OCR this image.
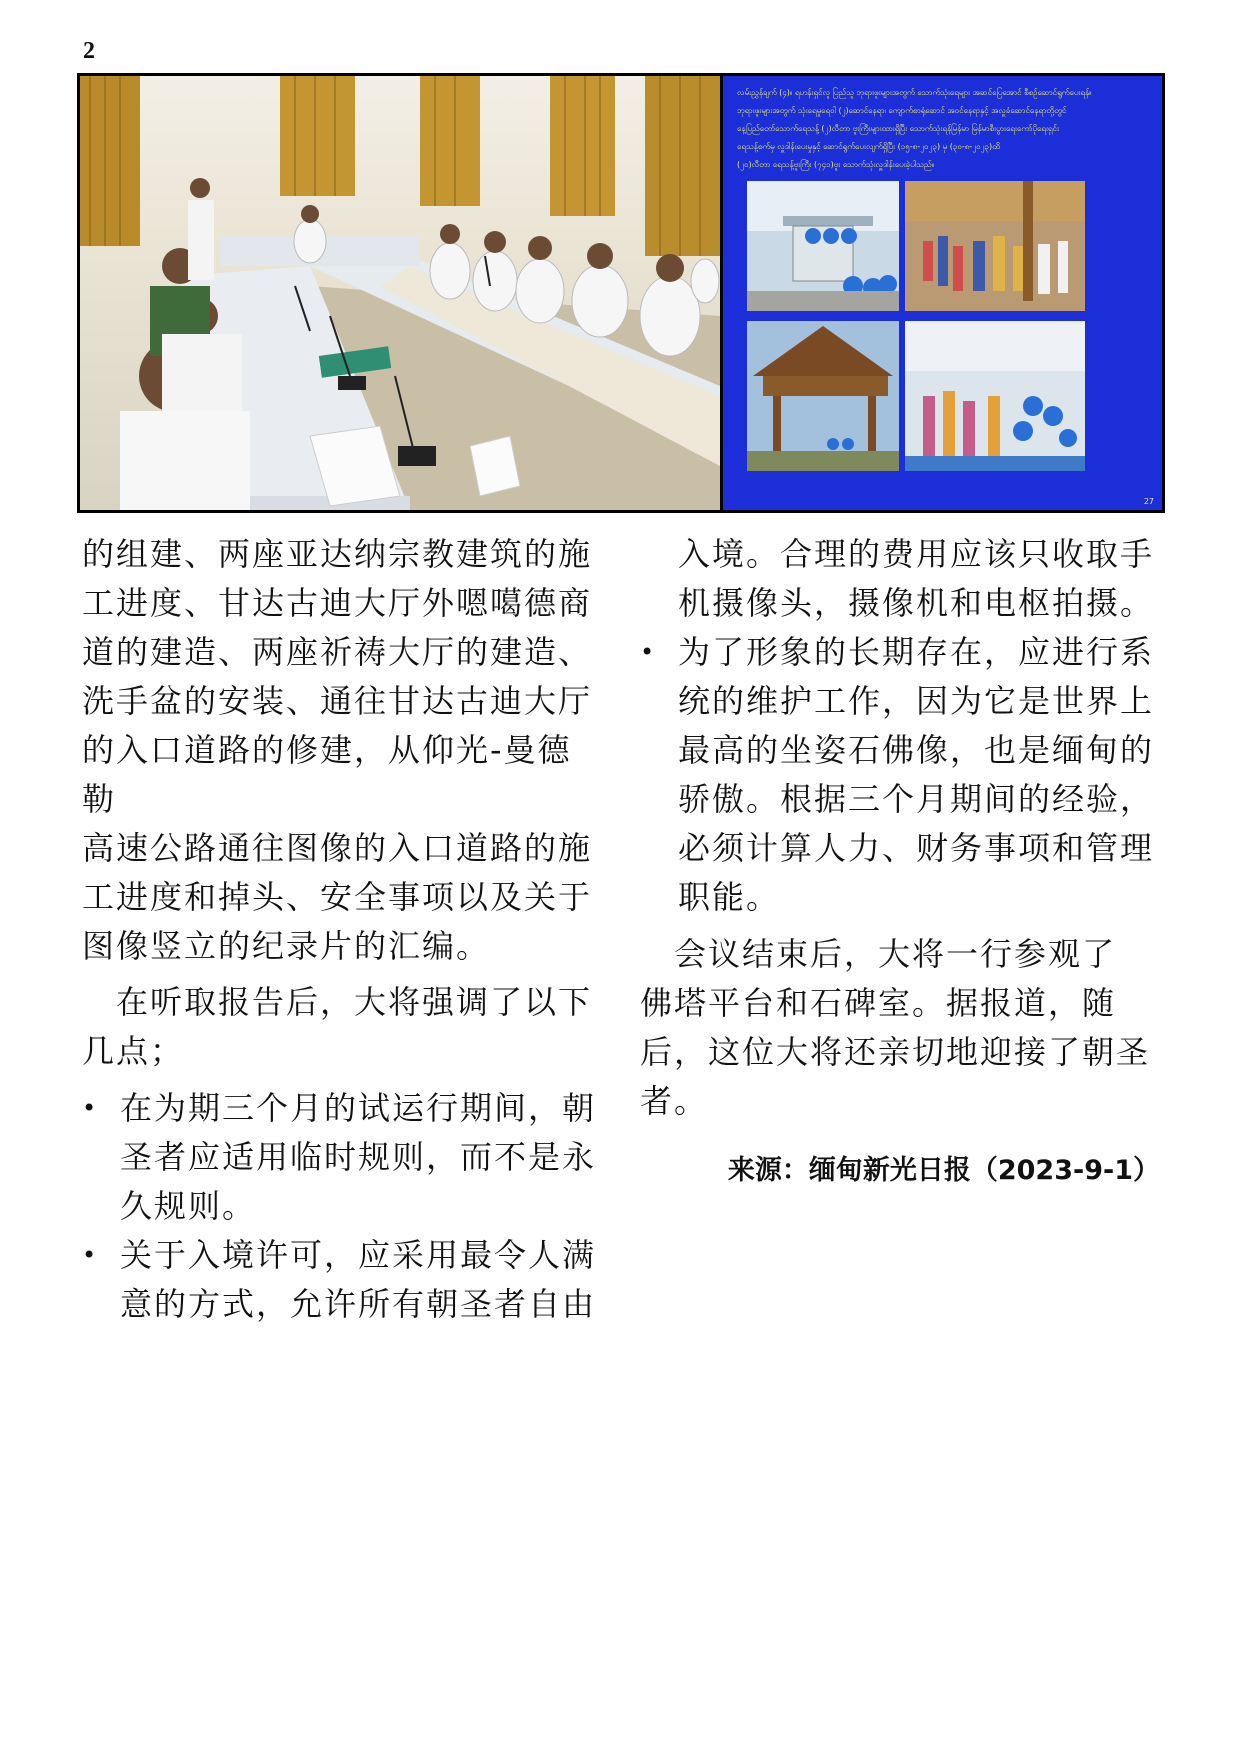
2
လမ်းညွှန်ချက် (၄)။ ရဟန်းရှင်လူ ပြည်သူ ဘုရားဖူးများအတွက် သောက်သုံးရေများ အဆင်ပြေအောင် စီစဉ်ဆောင်ရွက်ပေးရန်။
ဘုရားဖူးများအတွက် သုံးရေမှုရေဝါ (၂)ဆောင်နေရာ၊ ကျောက်စာရုံဆောင် အဝင်နေရာနှင့် အလှူခံဆောင်နေရာတို့တွင်
နေ့ပြည်တော်သောက်ရေသန့် (၂)လီတာ ဗူးကြီးများထားရှိပြီး သောက်သုံးရန်မြန်မာ မြန်မာစီးပွားရေးကော်ပိုရေးရှင်း
ရေသန့်စက်မှ လှူဒါန်းပေးမှုနှင့် ဆောင်ရွက်ပေးလျက်ရှိပြီး (၁၅-၈-၂၀၂၃) မှ (၃၀-၈-၂၀၂၃)ထိ
(၂၀)လီတာ ရေသန့်ဗူးကြီး (၇၄၁)ဗူး သောက်သုံးလှူဒါန်းပေးခဲ့ပါသည်။
27

的组建、两座亚达纳宗教建筑的施

工进度、甘达古迪大厅外嗯噶德商

道的建造、两座祈祷大厅的建造、

洗手盆的安装、通往甘达古迪大厅

的入口道路的修建，从仰光-曼德勒

高速公路通往图像的入口道路的施

工进度和掉头、安全事项以及关于

图像竖立的纪录片的汇编。

　在听取报告后，大将强调了以下

几点；

• 在为期三个月的试运行期间，朝

圣者应适用临时规则，而不是永

久规则。

• 关于入境许可，应采用最令人满

意的方式，允许所有朝圣者自由

入境。合理的费用应该只收取手

机摄像头，摄像机和电枢拍摄。

• 为了形象的长期存在，应进行系

统的维护工作，因为它是世界上

最高的坐姿石佛像，也是缅甸的

骄傲。根据三个月期间的经验，

必须计算人力、财务事项和管理

职能。

　会议结束后，大将一行参观了

佛塔平台和石碑室。据报道，随

后，这位大将还亲切地迎接了朝圣

者。

来源：缅甸新光日报（2023-9-1）
